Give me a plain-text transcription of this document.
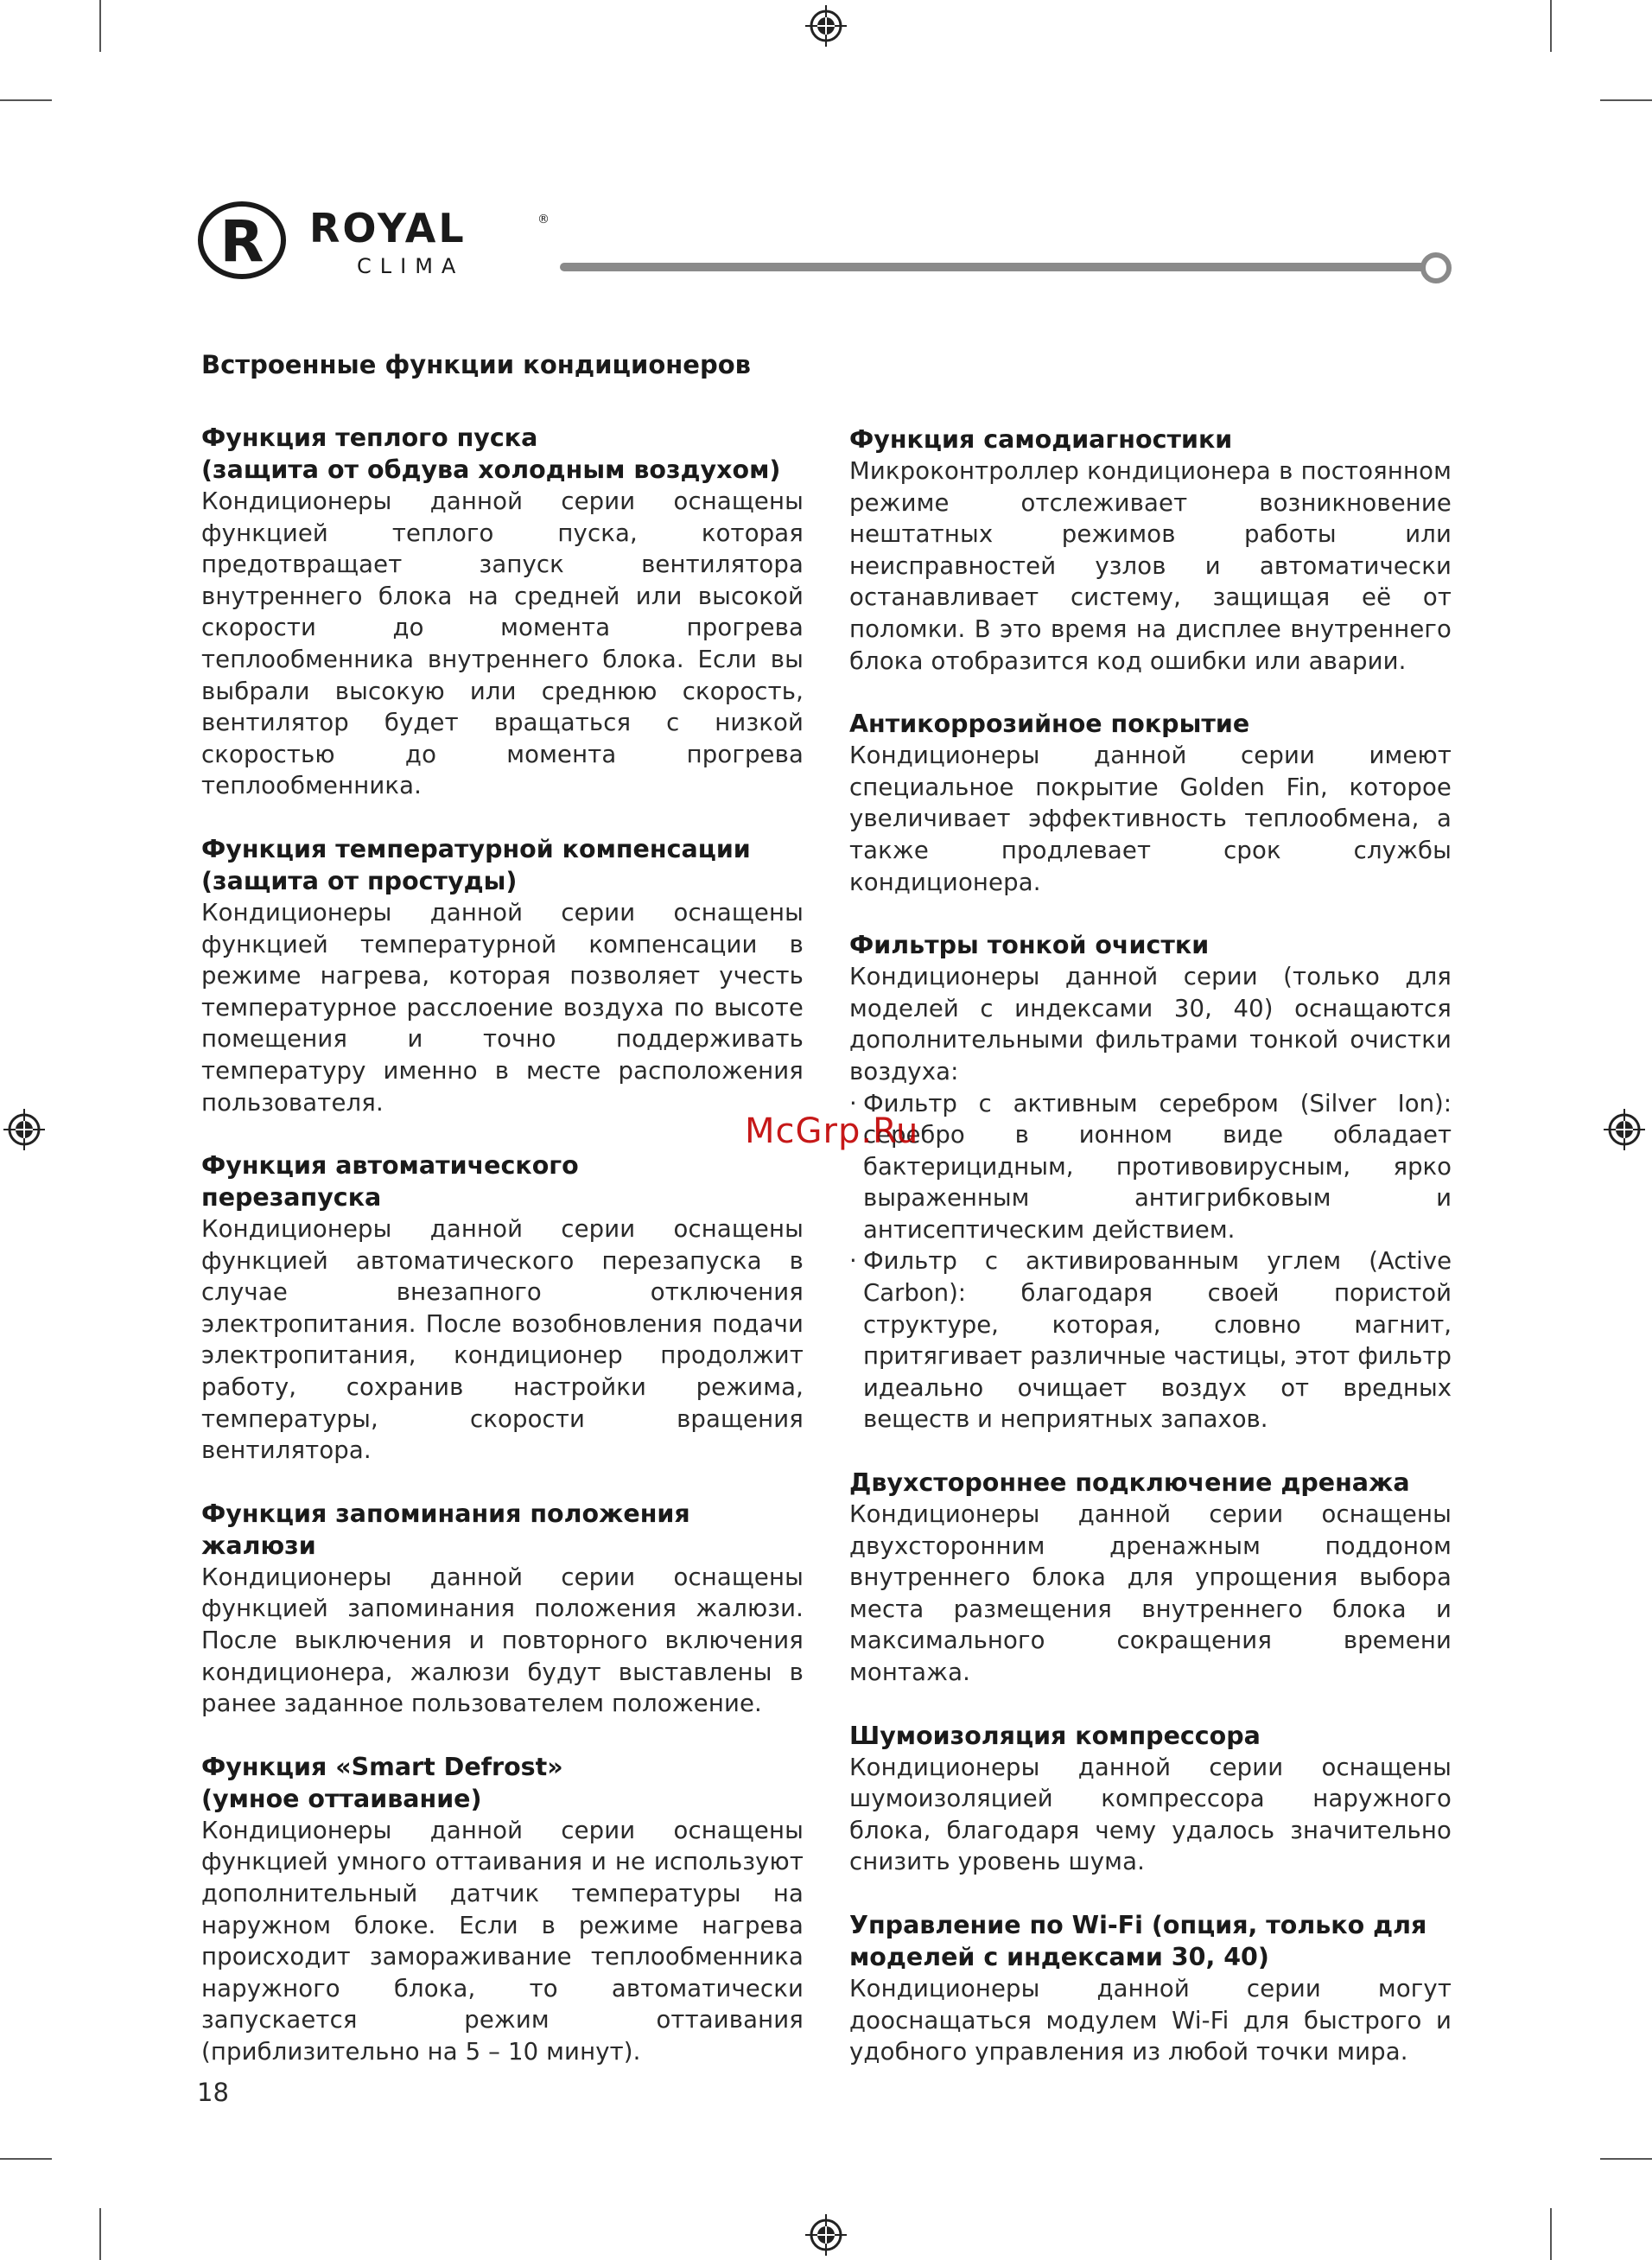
R ROYAL	®
CLIMA
Встроенные функции кондиционеров
Функция теплого пуска
(защита от обдува холодным воздухом)

Кондиционеры данной серии оснащены функцией теплого пуска, которая предотвращает запуск вентилятора внутреннего блока на средней или высокой скорости до момента прогрева теплообменника внутреннего блока. Если вы выбрали высокую или среднюю скорость, вентилятор будет вращаться с низкой скоростью до момента прогрева теплообменника.

Функция температурной компенсации
(защита от простуды)

Кондиционеры данной серии оснащены функцией температурной компенсации в режиме нагрева, которая позволяет учесть температурное расслоение воздуха по высоте помещения и точно поддерживать температуру именно в месте расположения пользователя.

Функция автоматического
перезапуска

Кондиционеры данной серии оснащены функцией автоматического перезапуска в случае внезапного отключения электропитания. После возобновления подачи электропитания, кондиционер продолжит работу, сохранив настройки режима, температуры, скорости вращения вентилятора.

Функция запоминания положения
жалюзи

Кондиционеры данной серии оснащены функцией запоминания положения жалюзи. После выключения и повторного включения кондиционера, жалюзи будут выставлены в ранее заданное пользователем положение.

Функция «Smart Defrost»
(умное оттаивание)

Кондиционеры данной серии оснащены функцией умного оттаивания и не используют дополнительный датчик температуры на наружном блоке. Если в режиме нагрева происходит замораживание теплообменника наружного блока, то автоматически запускается режим оттаивания (приблизительно на 5 – 10 минут).

Функция самодиагностики

Микроконтроллер кондиционера в постоянном режиме отслеживает возникновение нештатных режимов работы или неисправностей узлов и автоматически останавливает систему, защищая её от поломки. В это время на дисплее внутреннего блока отобразится код ошибки или аварии.

Антикоррозийное покрытие

Кондиционеры данной серии имеют специальное покрытие Golden Fin, которое увеличивает эффективность теплообмена, а также продлевает срок службы кондиционера.

Фильтры тонкой очистки

Кондиционеры данной серии (только для моделей с индексами 30, 40) оснащаются дополнительными фильтрами тонкой очистки воздуха:

· Фильтр с активным серебром (Silver Ion): серебро в ионном виде обладает бактерицидным, противовирусным, ярко выраженным антигрибковым и антисептическим действием.
· Фильтр с активированным углем (Active Carbon): благодаря своей пористой структуре, которая, словно магнит, притягивает различные частицы, этот фильтр идеально очищает воздух от вредных веществ и неприятных запахов.
Двухстороннее подключение дренажа

Кондиционеры данной серии оснащены двухсторонним дренажным поддоном внутреннего блока для упрощения выбора места размещения внутреннего блока и максимального сокращения времени монтажа.

Шумоизоляция компрессора

Кондиционеры данной серии оснащены шумоизоляцией компрессора наружного блока, благодаря чему удалось значительно снизить уровень шума.

Управление по Wi-Fi (опция, только для
моделей с индексами 30, 40)

Кондиционеры данной серии могут дооснащаться модулем Wi-Fi для быстрого и удобного управления из любой точки мира.

McGrp.Ru
18
